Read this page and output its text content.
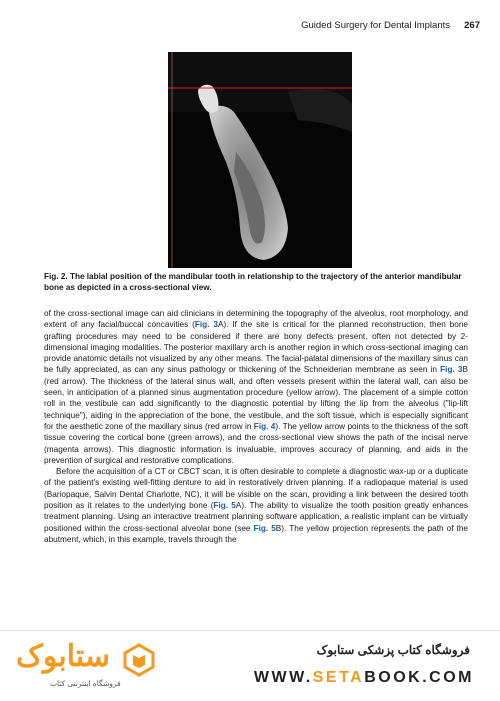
Guided Surgery for Dental Implants 267
Fig. 2. The labial position of the mandibular tooth in relationship to the trajectory of the anterior mandibular bone as depicted in a cross-sectional view.

of the cross-sectional image can aid clinicians in determining the topography of the alveolus, root morphology, and extent of any facial/buccal concavities (Fig. 3A). If the site is critical for the planned reconstruction, then bone grafting procedures may need to be considered if there are bony defects present, often not detected by 2-dimensional imaging modalities. The posterior maxillary arch is another region in which cross-sectional imaging can provide anatomic details not visualized by any other means. The facial-palatal dimensions of the maxillary sinus can be fully appreciated, as can any sinus pathology or thickening of the Schneiderian membrane as seen in Fig. 3B (red arrow). The thickness of the lateral sinus wall, and often vessels present within the lateral wall, can also be seen, in anticipation of a planned sinus augmentation procedure (yellow arrow). The placement of a simple cotton roll in the vestibule can add significantly to the diagnostic potential by lifting the lip from the alveolus ("lip-lift technique"), aiding in the appreciation of the bone, the vestibule, and the soft tissue, which is especially significant for the aesthetic zone of the maxillary sinus (red arrow in Fig. 4). The yellow arrow points to the thickness of the soft tissue covering the cortical bone (green arrows), and the cross-sectional view shows the path of the incisal nerve (magenta arrows). This diagnostic information is invaluable, improves accuracy of planning, and aids in the prevention of surgical and restorative complications.

Before the acquisition of a CT or CBCT scan, it is often desirable to complete a diagnostic wax-up or a duplicate of the patient's existing well-fitting denture to aid in restoratively driven planning. If a radiopaque material is used (Bariopaque, Salvin Dental Charlotte, NC), it will be visible on the scan, providing a link between the desired tooth position as it relates to the underlying bone (Fig. 5A). The ability to visualize the tooth position greatly enhances treatment planning. Using an interactive treatment planning software application, a realistic implant can be virtually positioned within the cross-sectional alveolar bone (see Fig. 5B). The yellow projection represents the path of the abutment, which, in this example, travels through the

ستابوک
فروشگاه اینترنتی کتاب
فروشگاه کتاب پزشکی ستابوک
WWW.SETABOOK.COM
